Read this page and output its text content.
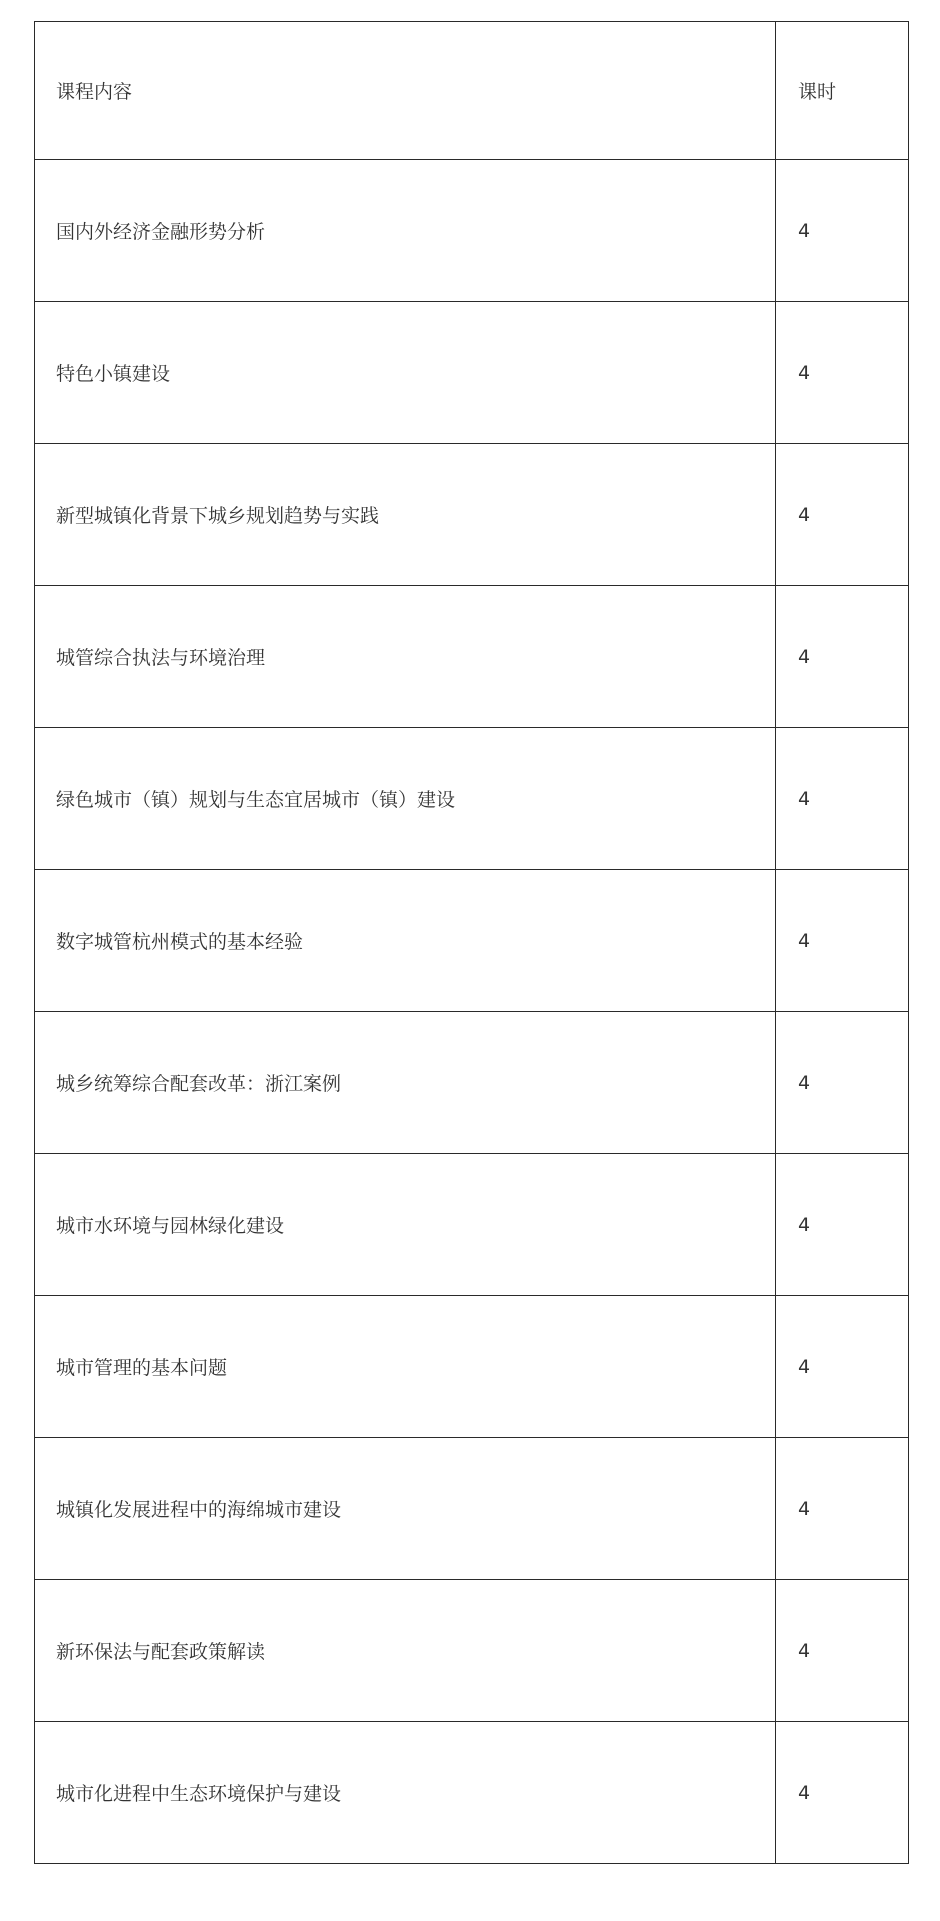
课程内容	课时
国内外经济金融形势分析	4
特色小镇建设	4
新型城镇化背景下城乡规划趋势与实践	4
城管综合执法与环境治理	4
绿色城市（镇）规划与生态宜居城市（镇）建设	4
数字城管杭州模式的基本经验	4
城乡统筹综合配套改革：浙江案例	4
城市水环境与园林绿化建设	4
城市管理的基本问题	4
城镇化发展进程中的海绵城市建设	4
新环保法与配套政策解读	4
城市化进程中生态环境保护与建设	4
